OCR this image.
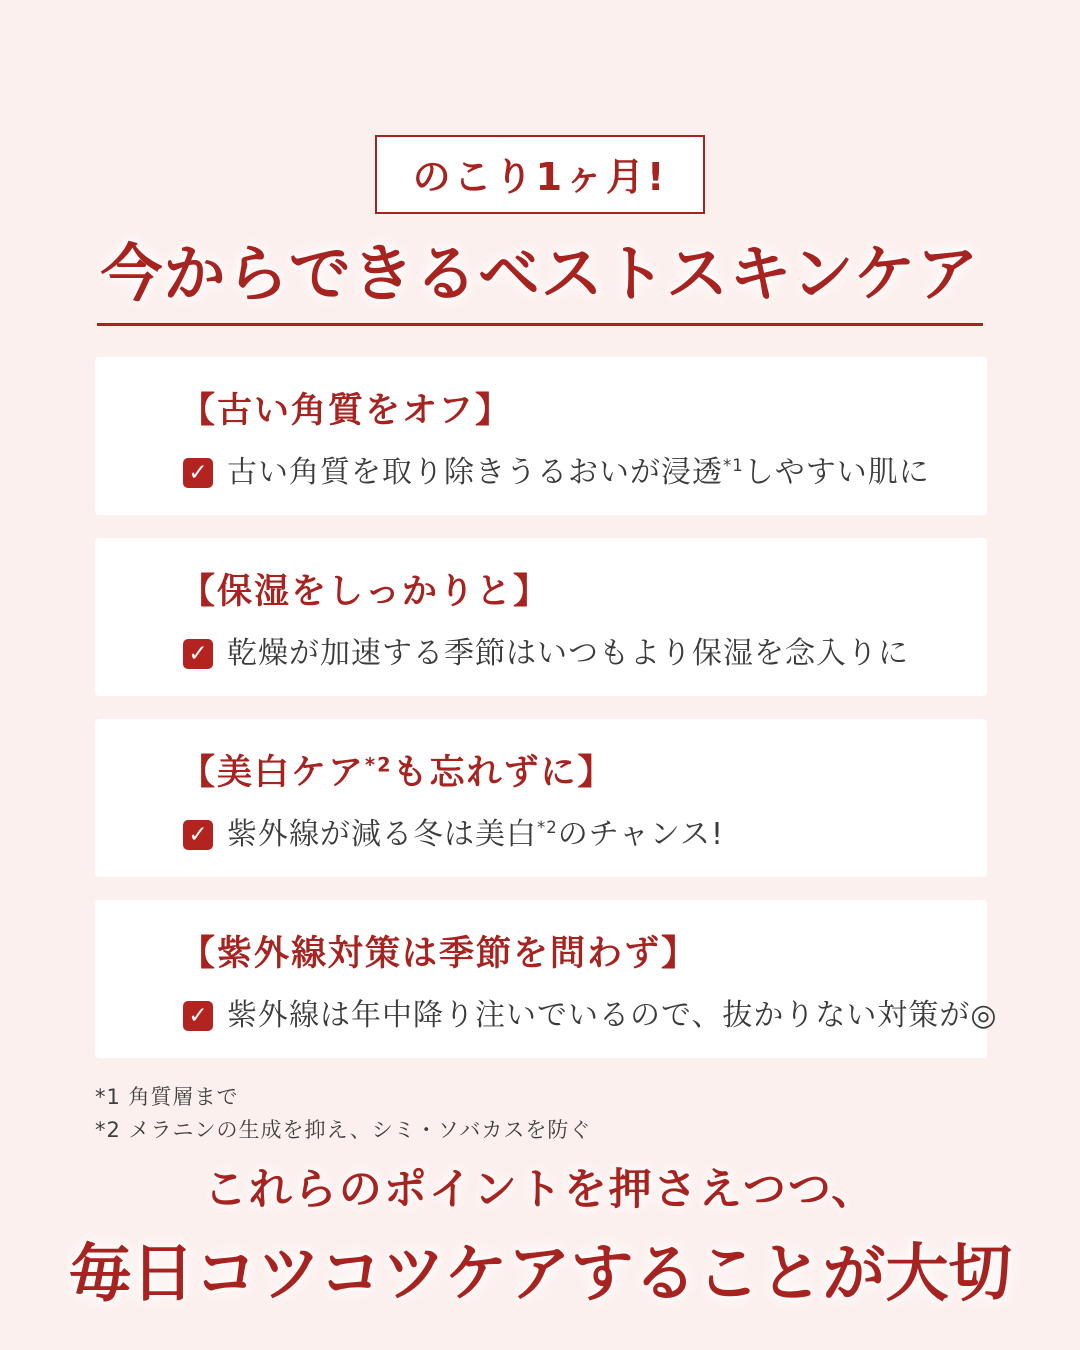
のこり1ヶ月!
今からできるベストスキンケア
【古い角質をオフ】
✓ 古い角質を取り除きうるおいが浸透$^{*1}$しやすい肌に
【保湿をしっかりと】
✓ 乾燥が加速する季節はいつもより保湿を念入りに
【美白ケア$^{*2}$も忘れずに】
✓ 紫外線が減る冬は美白$^{*2}$のチャンス!
【紫外線対策は季節を問わず】
✓ 紫外線は年中降り注いでいるので、抜かりない対策が◎
*1 角質層まで
*2 メラニンの生成を抑え、シミ・ソバカスを防ぐ
これらのポイントを押さえつつ、
毎日コツコツケアすることが大切
